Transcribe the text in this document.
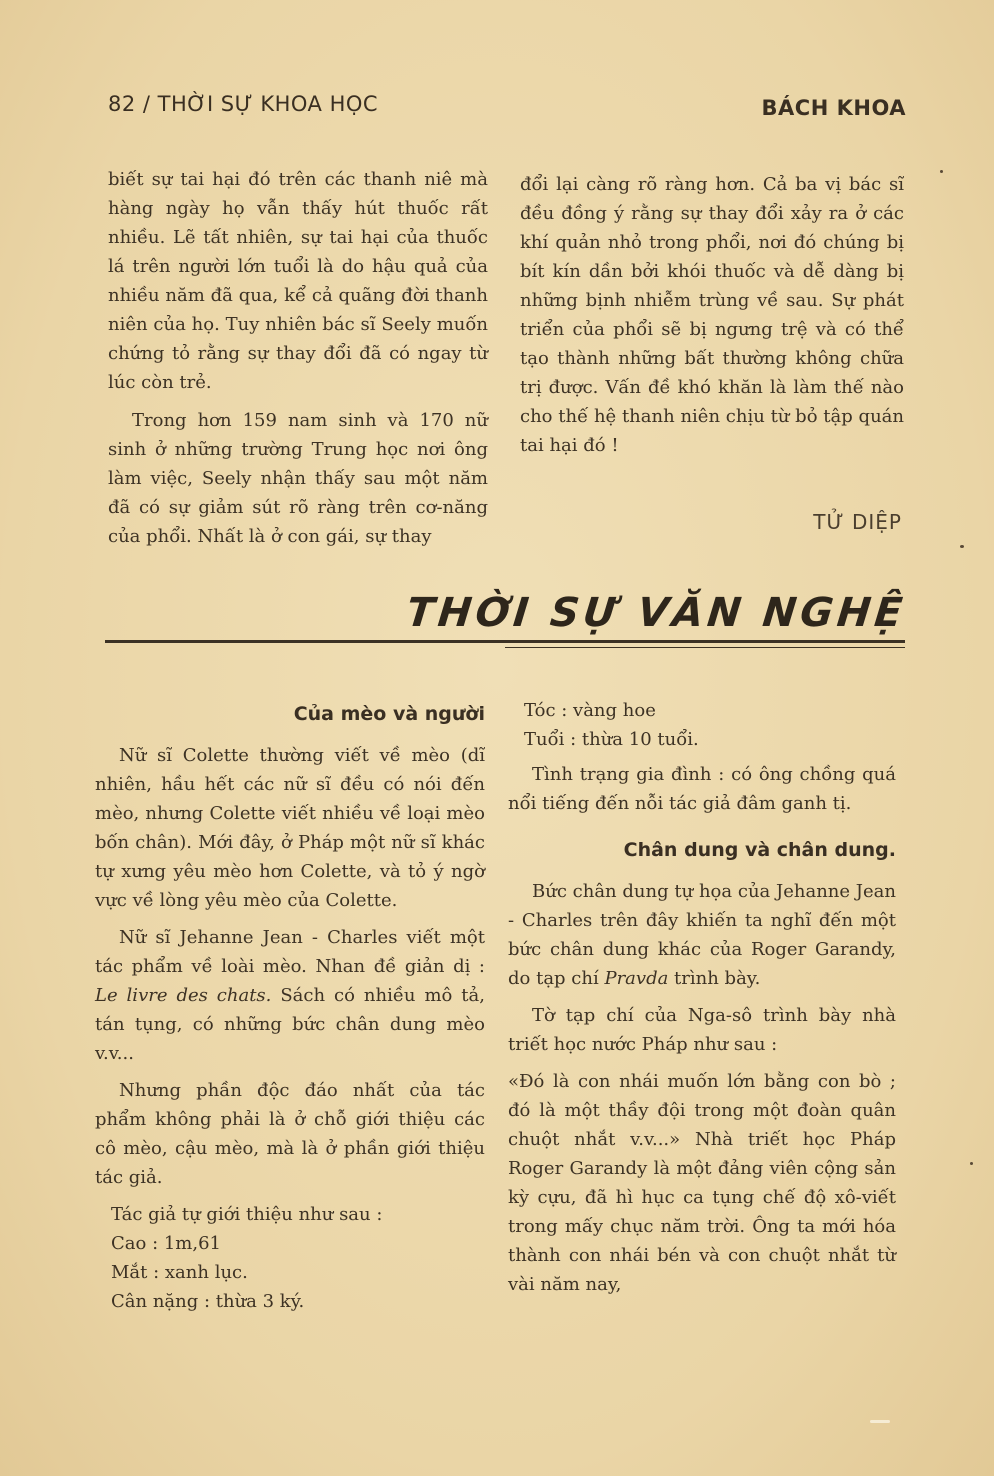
82 / THỜI SỰ KHOA HỌC	BÁCH KHOA

biết sự tai hại đó trên các thanh niê mà hàng ngày họ vẫn thấy hút thuốc rất nhiều. Lẽ tất nhiên, sự tai hại của thuốc lá trên người lớn tuổi là do hậu quả của nhiều năm đã qua, kể cả quãng đời thanh niên của họ. Tuy nhiên bác sĩ Seely muốn chứng tỏ rằng sự thay đổi đã có ngay từ lúc còn trẻ.

Trong hơn 159 nam sinh và 170 nữ sinh ở những trường Trung học nơi ông làm việc, Seely nhận thấy sau một năm đã có sự giảm sút rõ ràng trên cơ-năng của phổi. Nhất là ở con gái, sự thay

đổi lại càng rõ ràng hơn. Cả ba vị bác sĩ đều đồng ý rằng sự thay đổi xảy ra ở các khí quản nhỏ trong phổi, nơi đó chúng bị bít kín dần bởi khói thuốc và dễ dàng bị những bịnh nhiễm trùng về sau. Sự phát triển của phổi sẽ bị ngưng trệ và có thể tạo thành những bất thường không chữa trị được. Vấn đề khó khăn là làm thế nào cho thế hệ thanh niên chịu từ bỏ tập quán tai hại đó !

TỬ DIỆP
THỜI SỰ VĂN NGHỆ
Của mèo và người

Nữ sĩ Colette thường viết về mèo (dĩ nhiên, hầu hết các nữ sĩ đều có nói đến mèo, nhưng Colette viết nhiều về loại mèo bốn chân). Mới đây, ở Pháp một nữ sĩ khác tự xưng yêu mèo hơn Colette, và tỏ ý ngờ vực về lòng yêu mèo của Colette.

Nữ sĩ Jehanne Jean - Charles viết một tác phẩm về loài mèo. Nhan đề giản dị : Le livre des chats. Sách có nhiều mô tả, tán tụng, có những bức chân dung mèo v.v...

Nhưng phần độc đáo nhất của tác phẩm không phải là ở chỗ giới thiệu các cô mèo, cậu mèo, mà là ở phần giới thiệu tác giả.

Tác giả tự giới thiệu như sau :
Cao : 1m,61
Mắt : xanh lục.
Cân nặng : thừa 3 ký.
Tóc : vàng hoe
Tuổi : thừa 10 tuổi.

Tình trạng gia đình : có ông chồng quá nổi tiếng đến nỗi tác giả đâm ganh tị.

Chân dung và chân dung.

Bức chân dung tự họa của Jehanne Jean - Charles trên đây khiến ta nghĩ đến một bức chân dung khác của Roger Garandy, do tạp chí Pravda trình bày.

Tờ tạp chí của Nga-sô trình bày nhà triết học nước Pháp như sau :

«Đó là con nhái muốn lớn bằng con bò ; đó là một thầy đội trong một đoàn quân chuột nhắt v.v...» Nhà triết học Pháp Roger Garandy là một đảng viên cộng sản kỳ cựu, đã hì hục ca tụng chế độ xô-viết trong mấy chục năm trời. Ông ta mới hóa thành con nhái bén và con chuột nhắt từ vài năm nay,
